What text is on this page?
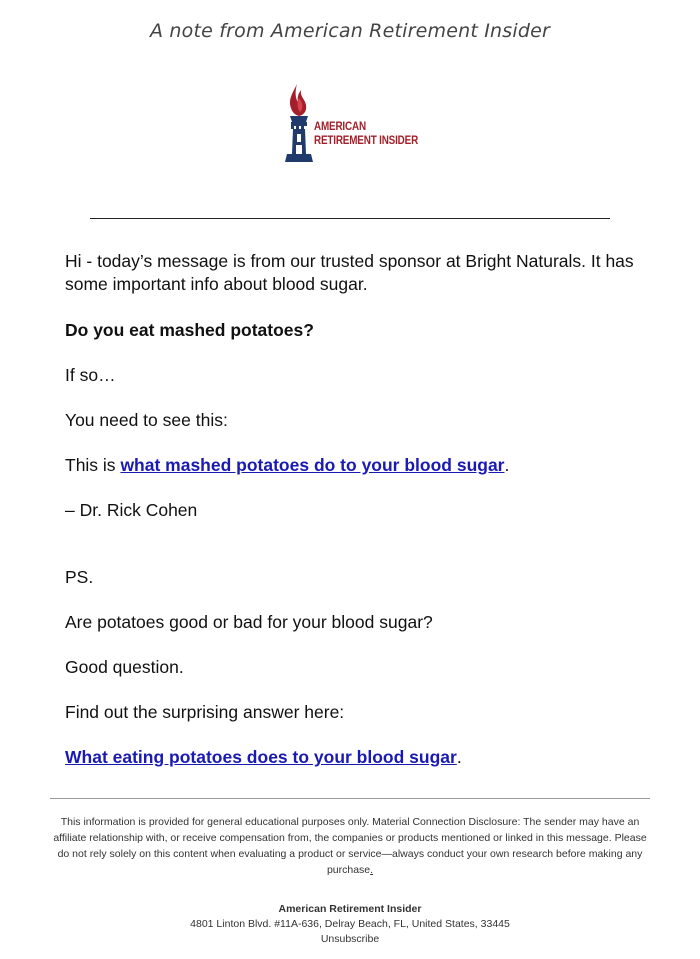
A note from American Retirement Insider
AMERICAN
RETIREMENT INSIDER

Hi - today’s message is from our trusted sponsor at Bright Naturals. It has some important info about blood sugar.

Do you eat mashed potatoes?

If so…

You need to see this:

This is what mashed potatoes do to your blood sugar.

– Dr. Rick Cohen

PS.

Are potatoes good or bad for your blood sugar?

Good question.

Find out the surprising answer here:

What eating potatoes does to your blood sugar.

This information is provided for general educational purposes only. Material Connection Disclosure: The sender may have an affiliate relationship with, or receive compensation from, the companies or products mentioned or linked in this message. Please do not rely solely on this content when evaluating a product or service—always conduct your own research before making any purchase.
American Retirement Insider
4801 Linton Blvd. #11A-636, Delray Beach, FL, United States, 33445
Unsubscribe
